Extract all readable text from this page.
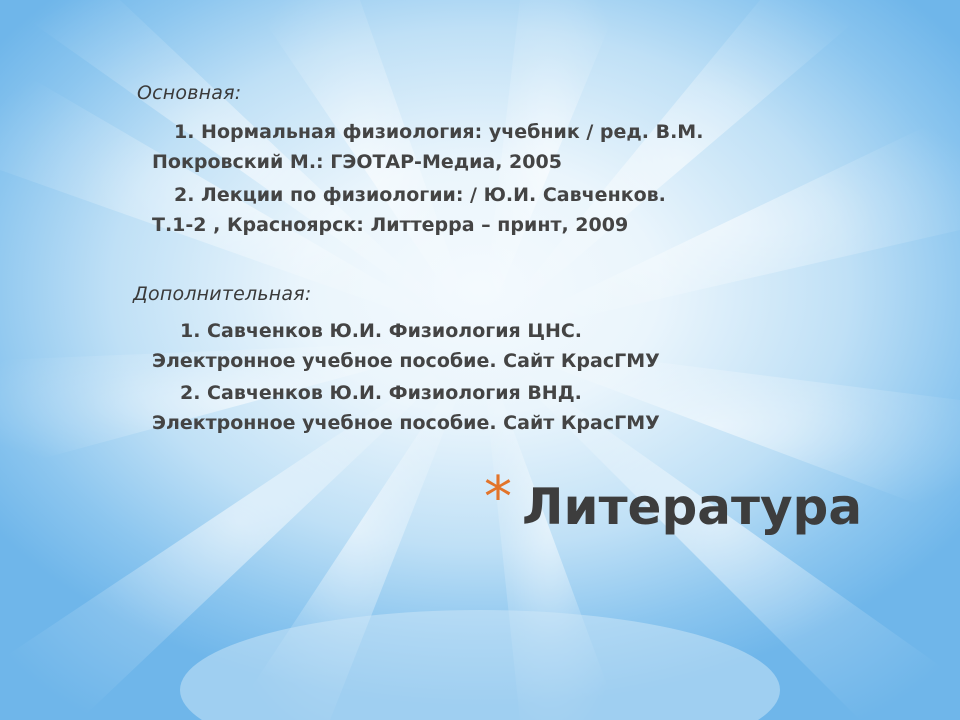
Основная:
1. Нормальная физиология: учебник / ред. В.М.
Покровский М.: ГЭОТАР-Медиа, 2005
2. Лекции по физиологии: / Ю.И. Савченков.
Т.1-2 , Красноярск: Литтерра – принт, 2009
Дополнительная:
1. Савченков Ю.И. Физиология ЦНС.
Электронное учебное пособие. Сайт КрасГМУ
2. Савченков Ю.И. Физиология ВНД.
Электронное учебное пособие. Сайт КрасГМУ
* Литература
